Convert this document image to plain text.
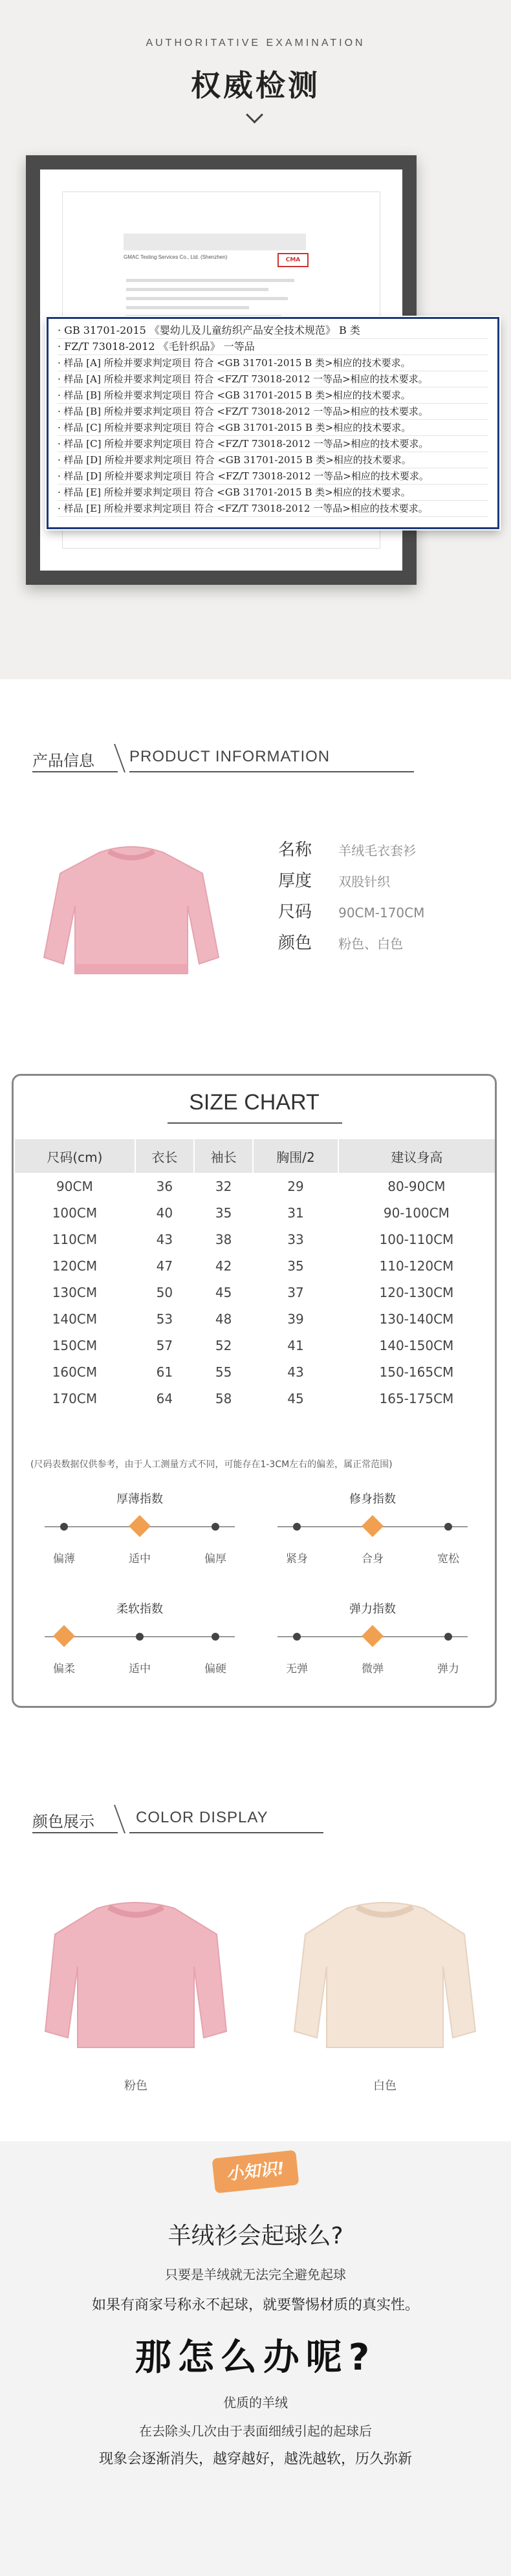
AUTHORITATIVE EXAMINATION
权威检测
GMAC Testing Services Co., Ltd. (Shenzhen)	CMA
· GB 31701-2015 《婴幼儿及儿童纺织产品安全技术规范》 B 类
· FZ/T 73018-2012 《毛针织品》 一等品
· 样品 [A] 所检并要求判定项目 符合 <GB 31701-2015 B 类>相应的技术要求。
· 样品 [A] 所检并要求判定项目 符合 <FZ/T 73018-2012 一等品>相应的技术要求。
· 样品 [B] 所检并要求判定项目 符合 <GB 31701-2015 B 类>相应的技术要求。
· 样品 [B] 所检并要求判定项目 符合 <FZ/T 73018-2012 一等品>相应的技术要求。
· 样品 [C] 所检并要求判定项目 符合 <GB 31701-2015 B 类>相应的技术要求。
· 样品 [C] 所检并要求判定项目 符合 <FZ/T 73018-2012 一等品>相应的技术要求。
· 样品 [D] 所检并要求判定项目 符合 <GB 31701-2015 B 类>相应的技术要求。
· 样品 [D] 所检并要求判定项目 符合 <FZ/T 73018-2012 一等品>相应的技术要求。
· 样品 [E] 所检并要求判定项目 符合 <GB 31701-2015 B 类>相应的技术要求。
· 样品 [E] 所检并要求判定项目 符合 <FZ/T 73018-2012 一等品>相应的技术要求。
产品信息 PRODUCT INFORMATION
名称 羊绒毛衣套衫
厚度 双股针织
尺码 90CM-170CM
颜色 粉色、白色
SIZE CHART
尺码(cm)	衣长	袖长	胸围/2	建议身高
90CM	36	32	29	80-90CM
100CM	40	35	31	90-100CM
110CM	43	38	33	100-110CM
120CM	47	42	35	110-120CM
130CM	50	45	37	120-130CM
140CM	53	48	39	130-140CM
150CM	57	52	41	140-150CM
160CM	61	55	43	150-165CM
170CM	64	58	45	165-175CM
(尺码表数据仅供参考，由于人工测量方式不同，可能存在1-3CM左右的偏差，属正常范围)
厚薄指数
偏薄	适中	偏厚
修身指数
紧身	合身	宽松
柔软指数
偏柔	适中	偏硬
弹力指数
无弹	微弹	弹力
颜色展示	COLOR DISPLAY
粉色	白色
小知识!
羊绒衫会起球么?
只要是羊绒就无法完全避免起球
如果有商家号称永不起球，就要警惕材质的真实性。
那怎么办呢?
优质的羊绒
在去除头几次由于表面细绒引起的起球后
现象会逐渐消失，越穿越好，越洗越软，历久弥新
